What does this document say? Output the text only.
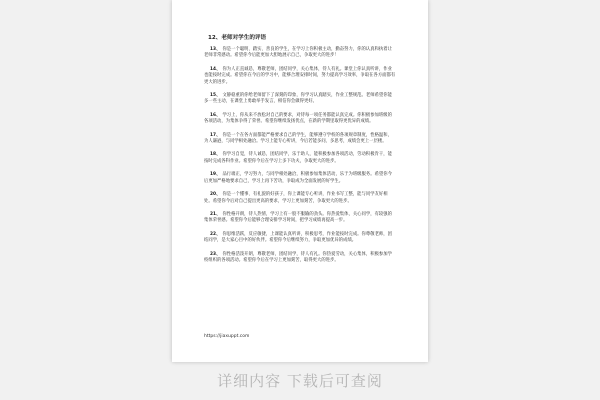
12、老师对学生的评语

13、 你是一个聪明、踏实、善良的学生，在学习上你积极主动，勤奋努力，你的认真和执着让老师非常感动。希望你今后能更加大胆地展示自己，争取更大的进步！

14、 你为人正直诚恳，尊敬老师，团结同学，关心集体，待人有礼。课堂上你认真听讲，作业也能按时完成。希望你在今后的学习中，能够合理安排时间，努力提高学习效率，争取在各方面都有更大的进步。

15、 文静稳重的你给老师留下了深刻的印象，你学习认真踏实，作业工整规范。老师希望你能多一些主动，在课堂上勇敢举手发言，相信你会做得更好。

16、 学习上，你从来不放松对自己的要求，对待每一项任务都能认真完成。你积极参加班级的各项活动，为集体争得了荣誉。希望你继续发扬优点，在新的学期里取得更优异的成绩。

17、 你是一个在各方面都能严格要求自己的学生，能够遵守学校的各项规章制度，性格温和，为人谦逊，与同学相处融洽。学习上能专心听讲，今后若能多问、多思考，成绩会更上一层楼。

18、 你学习自觉，待人诚恳，团结同学，乐于助人，能积极参加各项活动，劳动积极肯干，能按时完成各科作业。希望你今后在学习上多下功夫，争取更大的进步。

19、 品行端正，学习努力，与同学相处融洽，积极参加集体活动，乐于为班级服务。希望你今后更加严格地要求自己，学习上再下苦功，争取成为全面发展的好学生。

20、 你是一个懂事、有礼貌的好孩子，你上课能专心听讲，作业书写工整，能与同学友好相处。希望你今后对自己提出更高的要求，学习上更加刻苦，争取更大的进步。

21、 你性格开朗，待人热情，学习上有一股不服输的劲头。你热爱集体，关心同学，有较强的集体荣誉感。希望你今后能够合理安排学习时间，把学习成绩再提高一步。

22、 你思维活跃，反应敏捷，上课能认真听讲，积极思考，作业能按时完成。你尊敬老师，团结同学，是大家心目中的好伙伴。希望你今后继续努力，争取更加优异的成绩。

23、 你性格活泼开朗，尊敬老师，团结同学，待人有礼。你热爱劳动，关心集体，积极参加学校组织的各项活动。希望你今后在学习上更加刻苦，取得更大的进步。

https://jiaxuppt.com
详细内容 下载后可查阅
